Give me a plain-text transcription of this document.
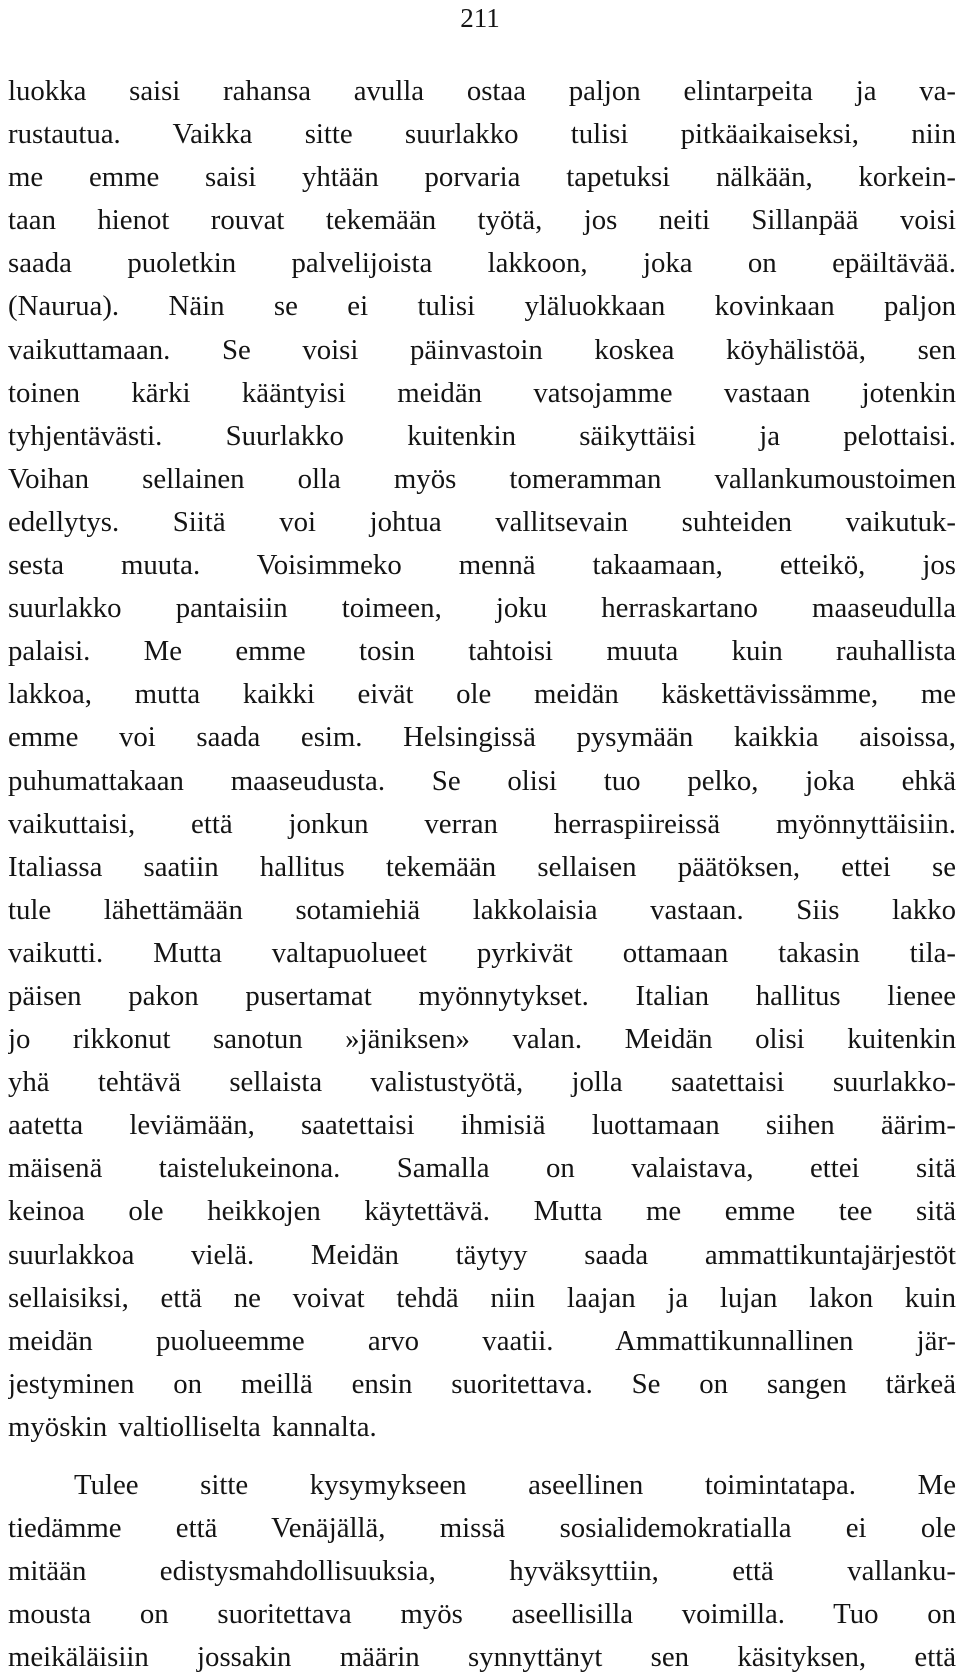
211
luokka saisi rahansa avulla ostaa paljon elintarpeita ja va-
rustautua. Vaikka sitte suurlakko tulisi pitkäaikaiseksi, niin
me emme saisi yhtään porvaria tapetuksi nälkään, korkein-
taan hienot rouvat tekemään työtä, jos neiti Sillanpää voisi
saada puoletkin palvelijoista lakkoon, joka on epäiltävää.
(Naurua). Näin se ei tulisi yläluokkaan kovinkaan paljon
vaikuttamaan. Se voisi päinvastoin koskea köyhälistöä, sen
toinen kärki kääntyisi meidän vatsojamme vastaan jotenkin
tyhjentävästi. Suurlakko kuitenkin säikyttäisi ja pelottaisi.
Voihan sellainen olla myös tomeramman vallankumoustoimen
edellytys. Siitä voi johtua vallitsevain suhteiden vaikutuk-
sesta muuta. Voisimmeko mennä takaamaan, etteikö, jos
suurlakko pantaisiin toimeen, joku herraskartano maaseudulla
palaisi. Me emme tosin tahtoisi muuta kuin rauhallista
lakkoa, mutta kaikki eivät ole meidän käskettävissämme, me
emme voi saada esim. Helsingissä pysymään kaikkia aisoissa,
puhumattakaan maaseudusta. Se olisi tuo pelko, joka ehkä
vaikuttaisi, että jonkun verran herraspiireissä myönnyttäisiin.
Italiassa saatiin hallitus tekemään sellaisen päätöksen, ettei se
tule lähettämään sotamiehiä lakkolaisia vastaan. Siis lakko
vaikutti. Mutta valtapuolueet pyrkivät ottamaan takasin tila-
päisen pakon pusertamat myönnytykset. Italian hallitus lienee
jo rikkonut sanotun »jäniksen» valan. Meidän olisi kuitenkin
yhä tehtävä sellaista valistustyötä, jolla saatettaisi suurlakko-
aatetta leviämään, saatettaisi ihmisiä luottamaan siihen äärim-
mäisenä taistelukeinona. Samalla on valaistava, ettei sitä
keinoa ole heikkojen käytettävä. Mutta me emme tee sitä
suurlakkoa vielä. Meidän täytyy saada ammattikuntajärjestöt
sellaisiksi, että ne voivat tehdä niin laajan ja lujan lakon kuin
meidän puolueemme arvo vaatii. Ammattikunnallinen jär-
jestyminen on meillä ensin suoritettava. Se on sangen tärkeä
myöskin valtiolliselta kannalta.
Tulee sitte kysymykseen aseellinen toimintatapa. Me
tiedämme että Venäjällä, missä sosialidemokratialla ei ole
mitään edistysmahdollisuuksia, hyväksyttiin, että vallanku-
mousta on suoritettava myös aseellisilla voimilla. Tuo on
meikäläisiin jossakin määrin synnyttänyt sen käsityksen, että
